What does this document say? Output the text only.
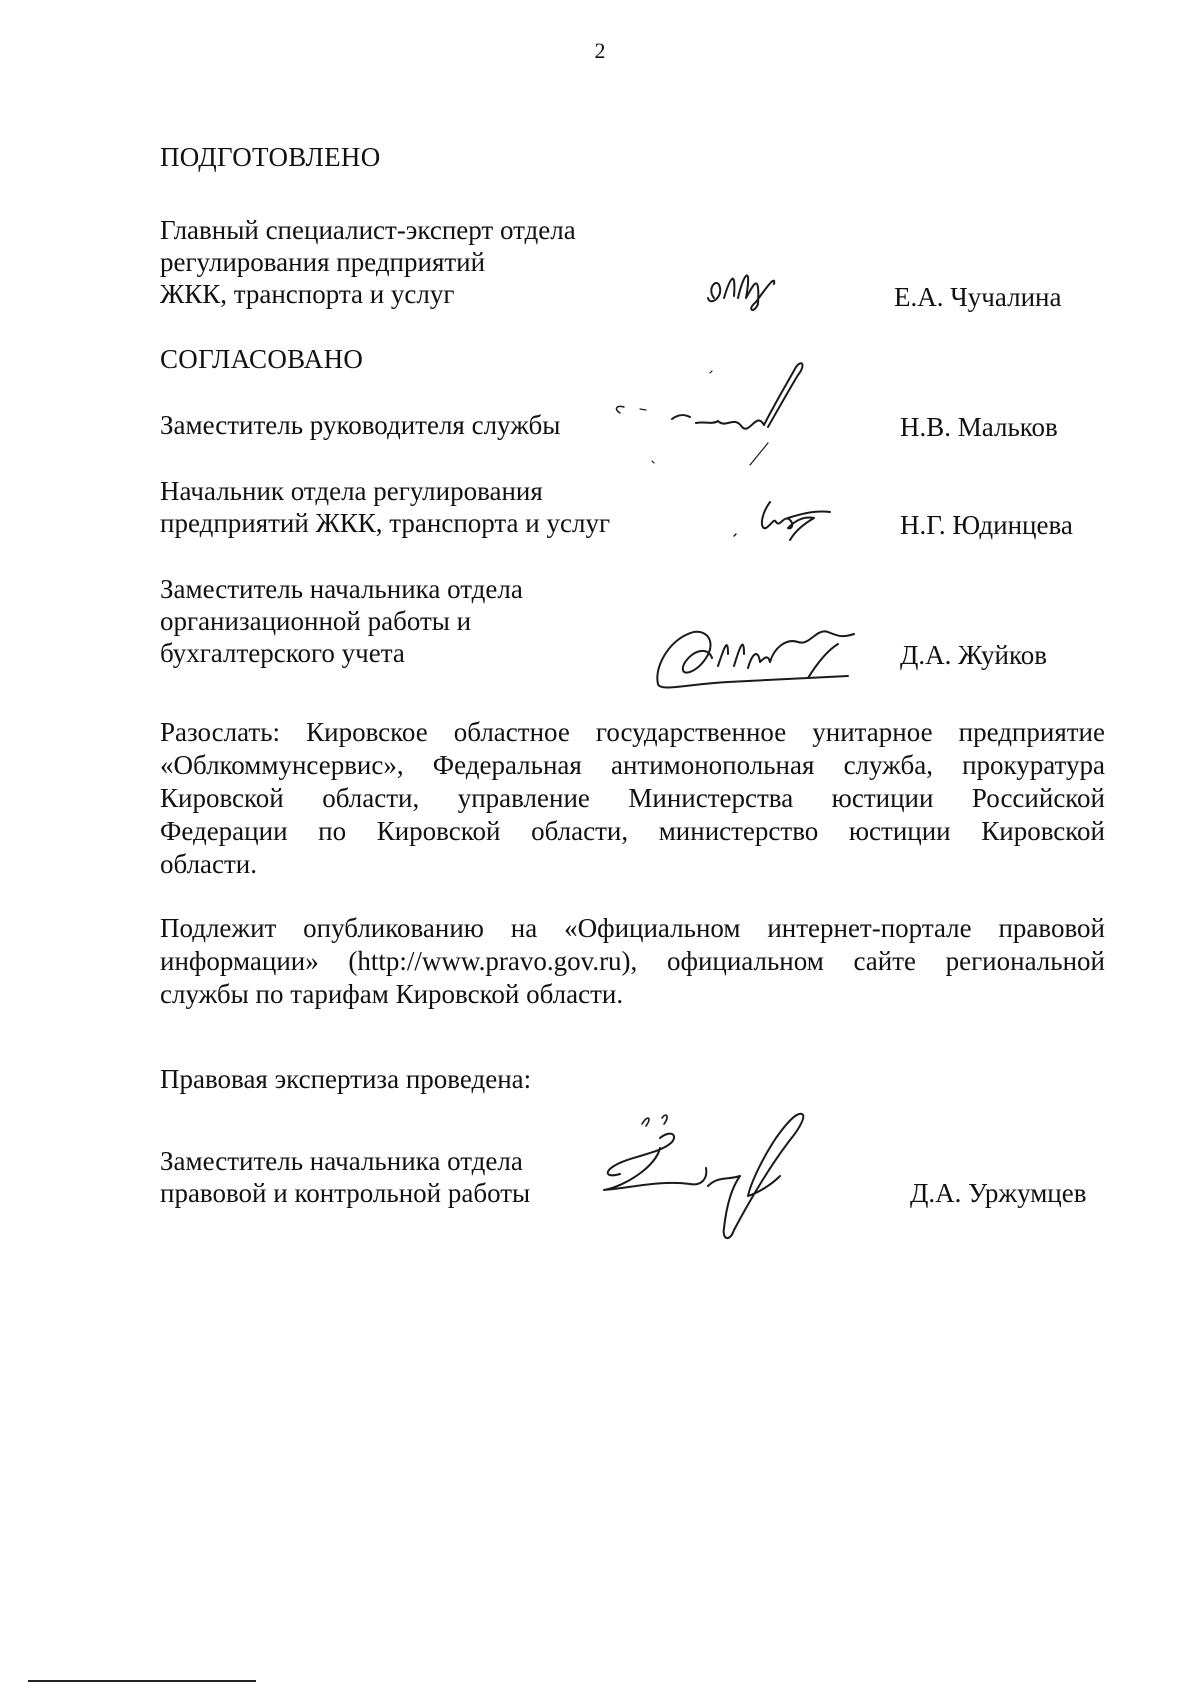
2
ПОДГОТОВЛЕНО
Главный специалист-эксперт отдела
регулирования предприятий
ЖКК, транспорта и услуг	Е.А. Чучалина
СОГЛАСОВАНО
Заместитель руководителя службы	Н.В. Мальков
Начальник отдела регулирования
предприятий ЖКК, транспорта и услуг	Н.Г. Юдинцева
Заместитель начальника отдела
организационной работы и
бухгалтерского учета	Д.А. Жуйков
Разослать: Кировское областное государственное унитарное предприятие
«Облкоммунсервис», Федеральная антимонопольная служба, прокуратура
Кировской области, управление Министерства юстиции Российской
Федерации по Кировской области, министерство юстиции Кировской
области.
Подлежит опубликованию на «Официальном интернет-портале правовой
информации» (http://www.pravo.gov.ru), официальном сайте региональной
службы по тарифам Кировской области.
Правовая экспертиза проведена:
Заместитель начальника отдела
правовой и контрольной работы	Д.А. Уржумцев
